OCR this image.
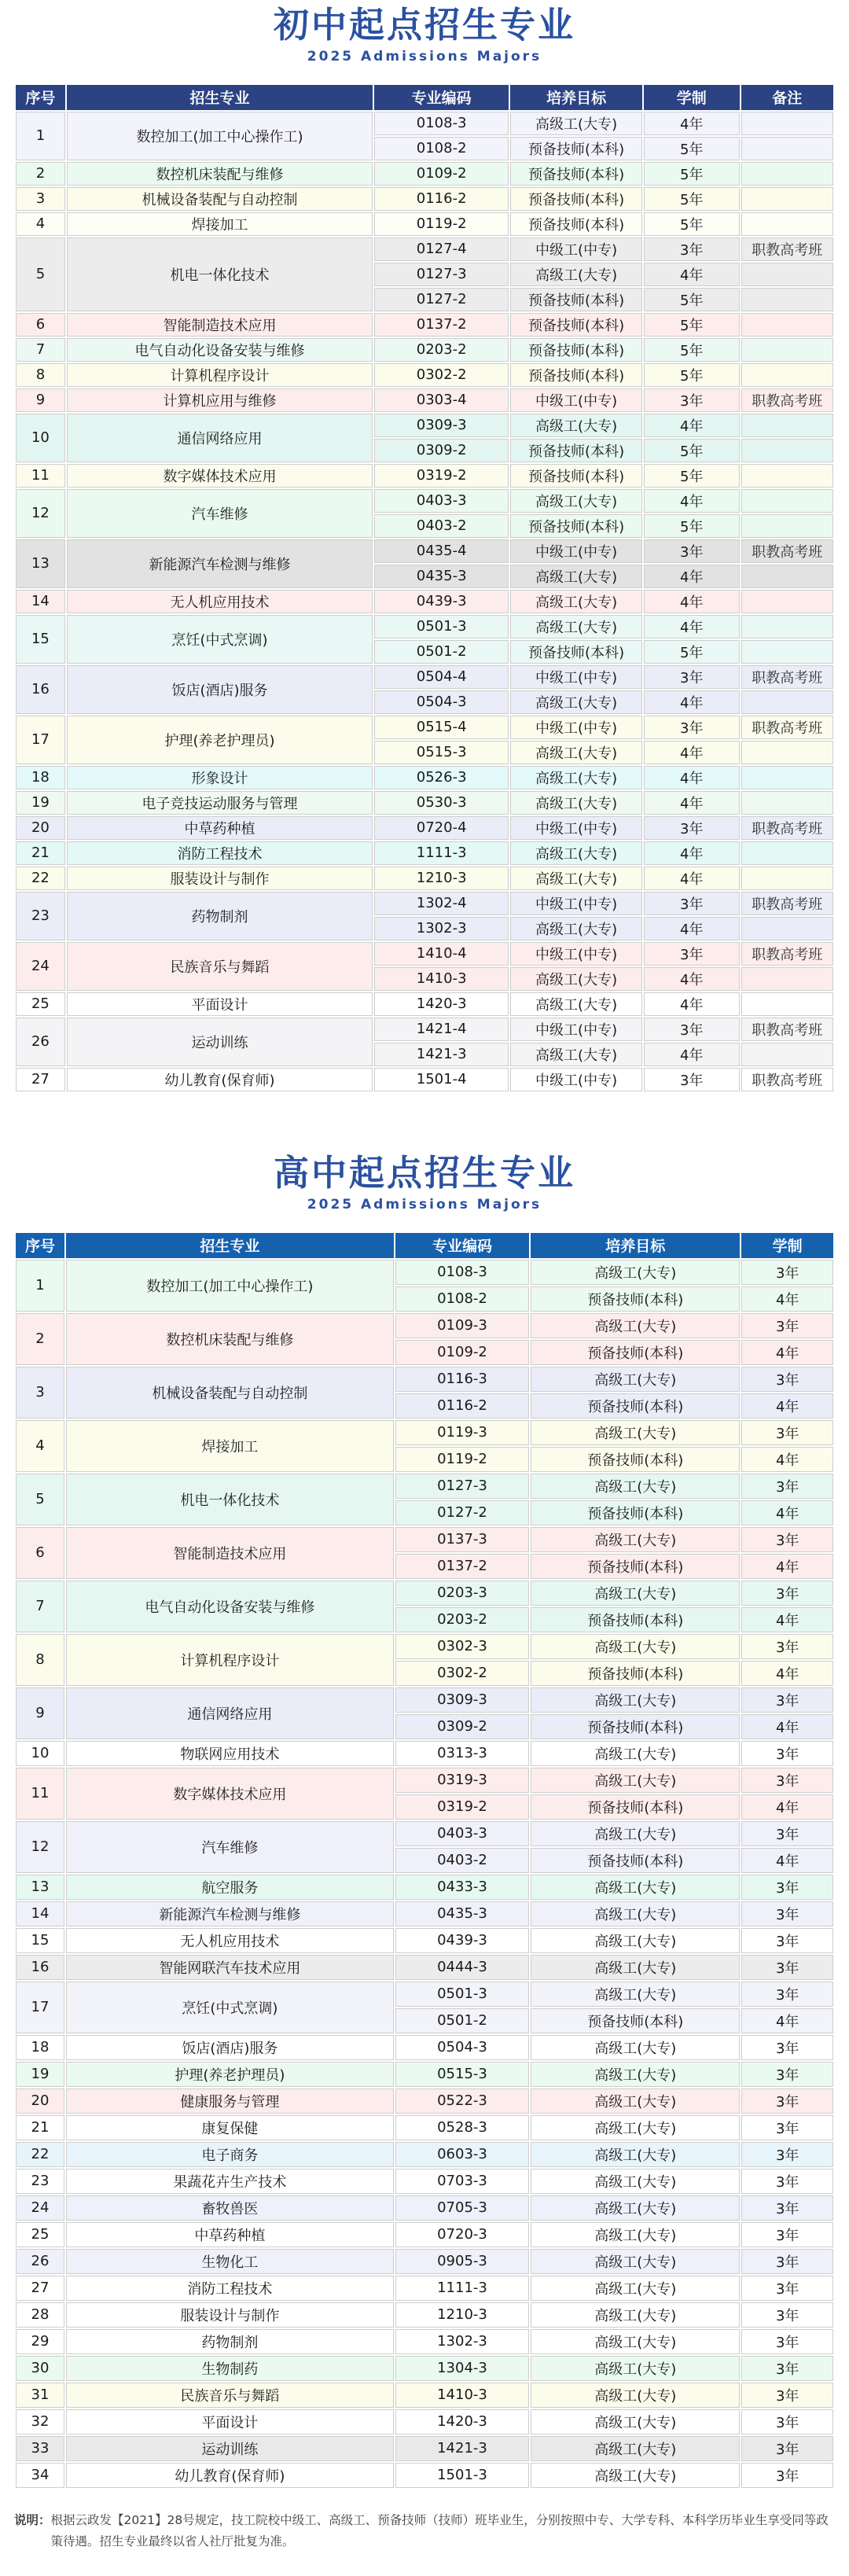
初中起点招生专业
2025 Admissions Majors
序号	招生专业	专业编码	培养目标	学制	备注
1	数控加工(加工中心操作工)	0108-3	高级工(大专)	4年	
		0108-2	预备技师(本科)	5年	
2	数控机床装配与维修	0109-2	预备技师(本科)	5年	
3	机械设备装配与自动控制	0116-2	预备技师(本科)	5年	
4	焊接加工	0119-2	预备技师(本科)	5年	
5	机电一体化技术	0127-4	中级工(中专)	3年	职教高考班
		0127-3	高级工(大专)	4年	
		0127-2	预备技师(本科)	5年	
6	智能制造技术应用	0137-2	预备技师(本科)	5年	
7	电气自动化设备安装与维修	0203-2	预备技师(本科)	5年	
8	计算机程序设计	0302-2	预备技师(本科)	5年	
9	计算机应用与维修	0303-4	中级工(中专)	3年	职教高考班
10	通信网络应用	0309-3	高级工(大专)	4年	
		0309-2	预备技师(本科)	5年	
11	数字媒体技术应用	0319-2	预备技师(本科)	5年	
12	汽车维修	0403-3	高级工(大专)	4年	
		0403-2	预备技师(本科)	5年	
13	新能源汽车检测与维修	0435-4	中级工(中专)	3年	职教高考班
		0435-3	高级工(大专)	4年	
14	无人机应用技术	0439-3	高级工(大专)	4年	
15	烹饪(中式烹调)	0501-3	高级工(大专)	4年	
		0501-2	预备技师(本科)	5年	
16	饭店(酒店)服务	0504-4	中级工(中专)	3年	职教高考班
		0504-3	高级工(大专)	4年	
17	护理(养老护理员)	0515-4	中级工(中专)	3年	职教高考班
		0515-3	高级工(大专)	4年	
18	形象设计	0526-3	高级工(大专)	4年	
19	电子竞技运动服务与管理	0530-3	高级工(大专)	4年	
20	中草药种植	0720-4	中级工(中专)	3年	职教高考班
21	消防工程技术	1111-3	高级工(大专)	4年	
22	服装设计与制作	1210-3	高级工(大专)	4年	
23	药物制剂	1302-4	中级工(中专)	3年	职教高考班
		1302-3	高级工(大专)	4年	
24	民族音乐与舞蹈	1410-4	中级工(中专)	3年	职教高考班
		1410-3	高级工(大专)	4年	
25	平面设计	1420-3	高级工(大专)	4年	
26	运动训练	1421-4	中级工(中专)	3年	职教高考班
		1421-3	高级工(大专)	4年	
27	幼儿教育(保育师)	1501-4	中级工(中专)	3年	职教高考班
高中起点招生专业
2025 Admissions Majors
序号	招生专业	专业编码	培养目标	学制
1	数控加工(加工中心操作工)	0108-3	高级工(大专)	3年
		0108-2	预备技师(本科)	4年
2	数控机床装配与维修	0109-3	高级工(大专)	3年
		0109-2	预备技师(本科)	4年
3	机械设备装配与自动控制	0116-3	高级工(大专)	3年
		0116-2	预备技师(本科)	4年
4	焊接加工	0119-3	高级工(大专)	3年
		0119-2	预备技师(本科)	4年
5	机电一体化技术	0127-3	高级工(大专)	3年
		0127-2	预备技师(本科)	4年
6	智能制造技术应用	0137-3	高级工(大专)	3年
		0137-2	预备技师(本科)	4年
7	电气自动化设备安装与维修	0203-3	高级工(大专)	3年
		0203-2	预备技师(本科)	4年
8	计算机程序设计	0302-3	高级工(大专)	3年
		0302-2	预备技师(本科)	4年
9	通信网络应用	0309-3	高级工(大专)	3年
		0309-2	预备技师(本科)	4年
10	物联网应用技术	0313-3	高级工(大专)	3年
11	数字媒体技术应用	0319-3	高级工(大专)	3年
		0319-2	预备技师(本科)	4年
12	汽车维修	0403-3	高级工(大专)	3年
		0403-2	预备技师(本科)	4年
13	航空服务	0433-3	高级工(大专)	3年
14	新能源汽车检测与维修	0435-3	高级工(大专)	3年
15	无人机应用技术	0439-3	高级工(大专)	3年
16	智能网联汽车技术应用	0444-3	高级工(大专)	3年
17	烹饪(中式烹调)	0501-3	高级工(大专)	3年
		0501-2	预备技师(本科)	4年
18	饭店(酒店)服务	0504-3	高级工(大专)	3年
19	护理(养老护理员)	0515-3	高级工(大专)	3年
20	健康服务与管理	0522-3	高级工(大专)	3年
21	康复保健	0528-3	高级工(大专)	3年
22	电子商务	0603-3	高级工(大专)	3年
23	果蔬花卉生产技术	0703-3	高级工(大专)	3年
24	畜牧兽医	0705-3	高级工(大专)	3年
25	中草药种植	0720-3	高级工(大专)	3年
26	生物化工	0905-3	高级工(大专)	3年
27	消防工程技术	1111-3	高级工(大专)	3年
28	服装设计与制作	1210-3	高级工(大专)	3年
29	药物制剂	1302-3	高级工(大专)	3年
30	生物制药	1304-3	高级工(大专)	3年
31	民族音乐与舞蹈	1410-3	高级工(大专)	3年
32	平面设计	1420-3	高级工(大专)	3年
33	运动训练	1421-3	高级工(大专)	3年
34	幼儿教育(保育师)	1501-3	高级工(大专)	3年
说明： 根据云政发【2021】28号规定，技工院校中级工、高级工、预备技师（技师）班毕业生，分别按照中专、大学专科、本科学历毕业生享受同等政策待遇。招生专业最终以省人社厅批复为准。
